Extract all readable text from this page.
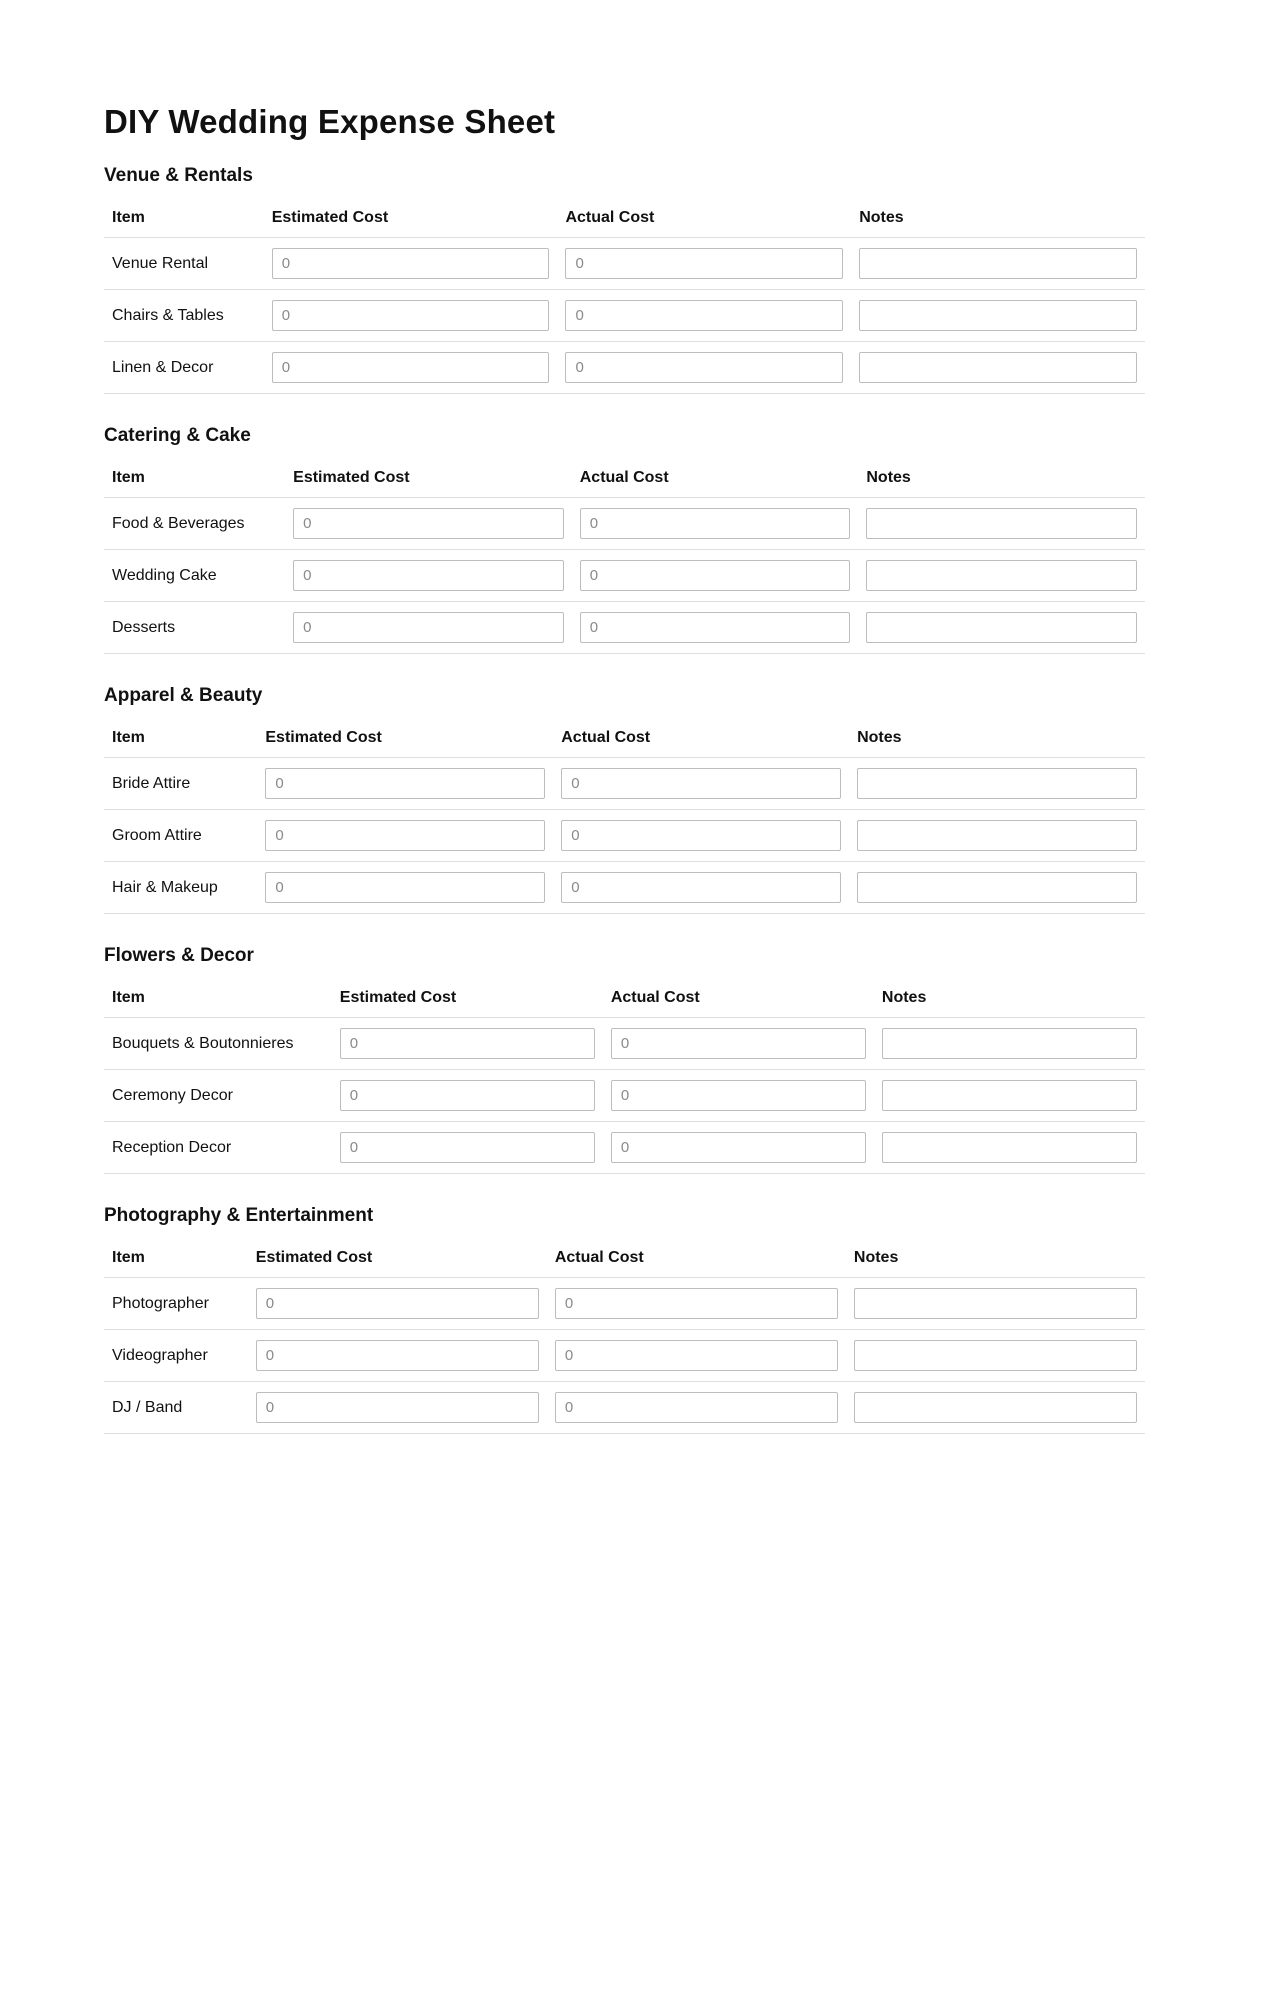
DIY Wedding Expense Sheet
Venue & Rentals
Item	Estimated Cost	Actual Cost	Notes
Venue Rental	0	0	
Chairs & Tables	0	0	
Linen & Decor	0	0	
Catering & Cake
Item	Estimated Cost	Actual Cost	Notes
Food & Beverages	0	0	
Wedding Cake	0	0	
Desserts	0	0	
Apparel & Beauty
Item	Estimated Cost	Actual Cost	Notes
Bride Attire	0	0	
Groom Attire	0	0	
Hair & Makeup	0	0	
Flowers & Decor
Item	Estimated Cost	Actual Cost	Notes
Bouquets & Boutonnieres	0	0	
Ceremony Decor	0	0	
Reception Decor	0	0	
Photography & Entertainment
Item	Estimated Cost	Actual Cost	Notes
Photographer	0	0	
Videographer	0	0	
DJ / Band	0	0	
